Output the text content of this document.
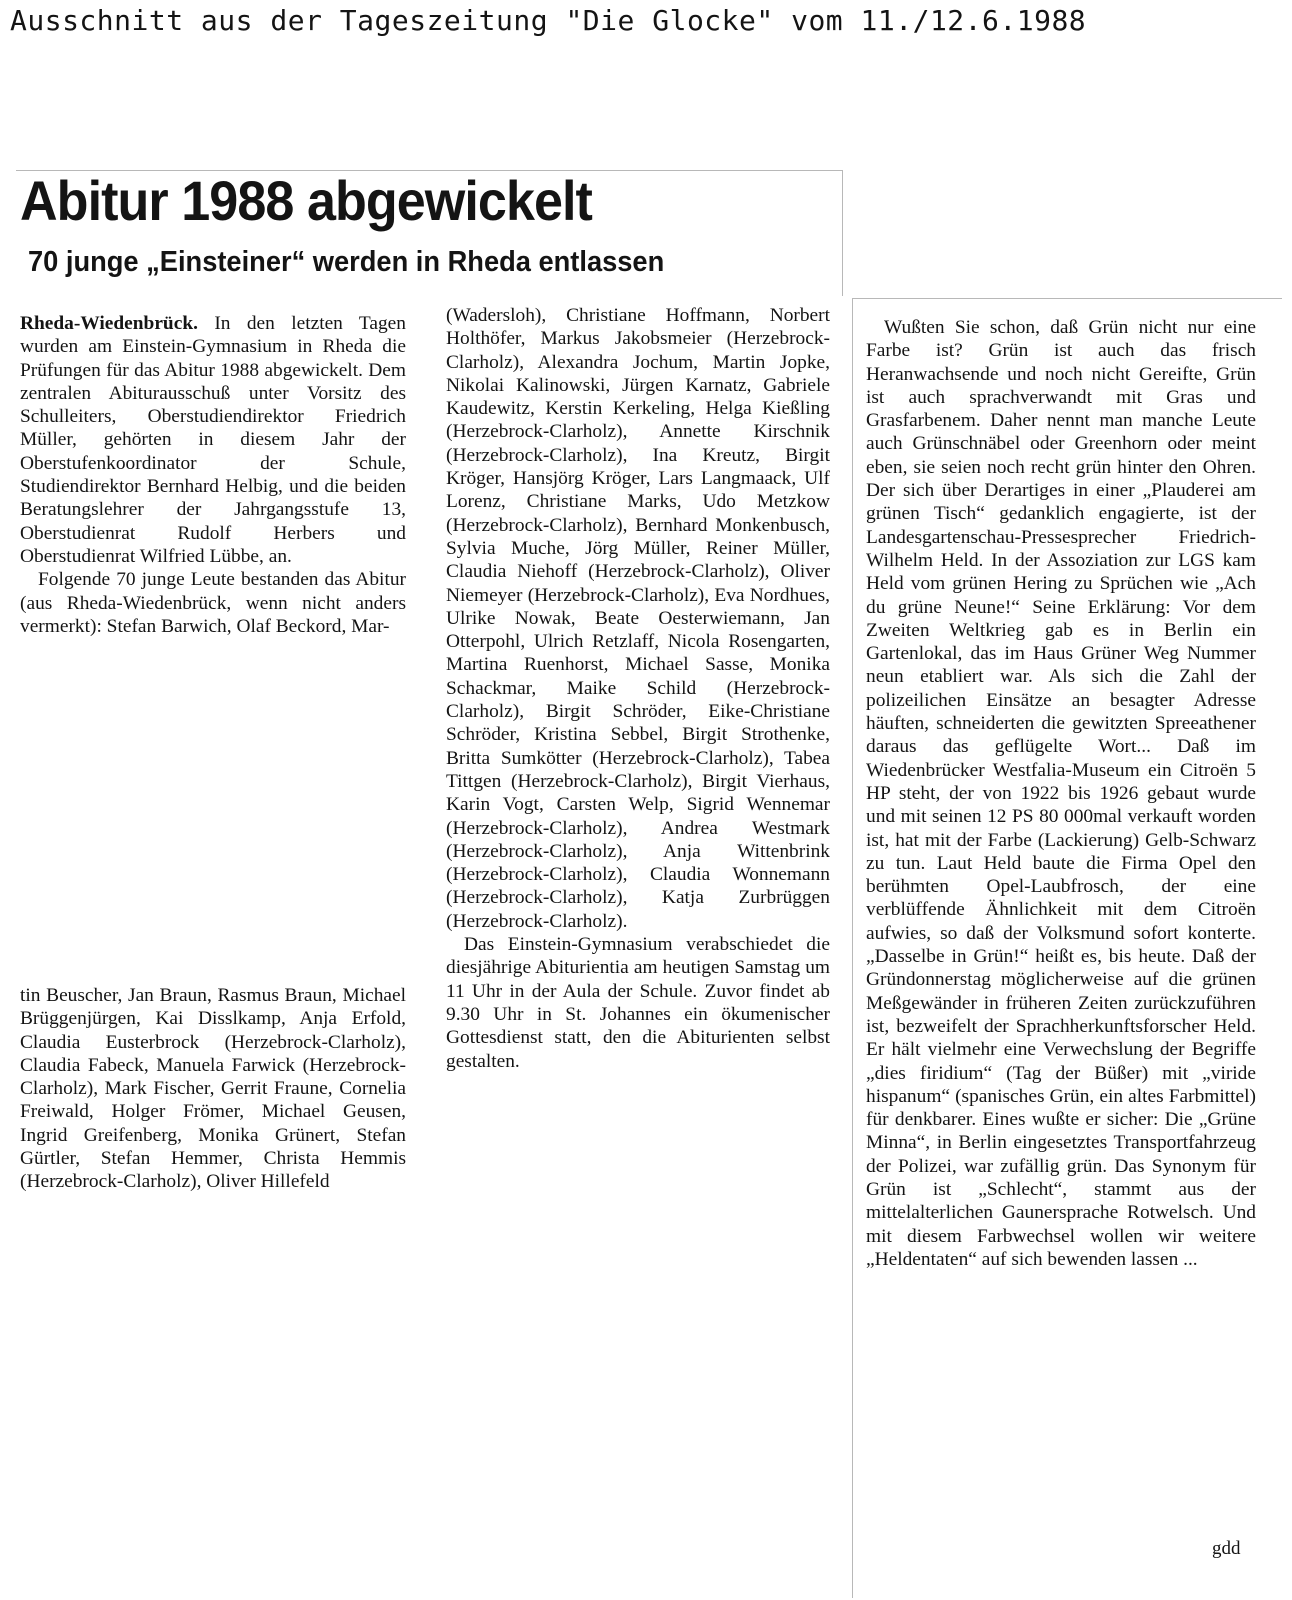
Ausschnitt aus der Tageszeitung "Die Glocke" vom 11./12.6.1988
Abitur 1988 abgewickelt
70 junge „Einsteiner“ werden in Rheda entlassen

Rheda-Wiedenbrück. In den letzten Tagen wurden am Einstein-Gymnasium in Rheda die Prüfungen für das Abitur 1988 abgewickelt. Dem zentralen Abiturausschuß unter Vorsitz des Schulleiters, Oberstudiendirektor Friedrich Müller, gehörten in diesem Jahr der Oberstufenkoordinator der Schule, Studiendirektor Bernhard Helbig, und die beiden Beratungslehrer der Jahrgangsstufe 13, Oberstudienrat Rudolf Herbers und Oberstudienrat Wilfried Lübbe, an.

Folgende 70 junge Leute bestanden das Abitur (aus Rheda-Wiedenbrück, wenn nicht anders vermerkt): Stefan Barwich, Olaf Beckord, Mar-

tin Beuscher, Jan Braun, Rasmus Braun, Michael Brüggenjürgen, Kai Disslkamp, Anja Erfold, Claudia Eusterbrock (Herzebrock-Clarholz), Claudia Fabeck, Manuela Farwick (Herzebrock-Clarholz), Mark Fischer, Gerrit Fraune, Cornelia Freiwald, Holger Frömer, Michael Geusen, Ingrid Greifenberg, Monika Grünert, Stefan Gürtler, Stefan Hemmer, Christa Hemmis (Herzebrock-Clarholz), Oliver Hillefeld

(Wadersloh), Christiane Hoffmann, Norbert Holthöfer, Markus Jakobsmeier (Herzebrock-Clarholz), Alexandra Jochum, Martin Jopke, Nikolai Kalinowski, Jürgen Karnatz, Gabriele Kaudewitz, Kerstin Kerkeling, Helga Kießling (Herzebrock-Clarholz), Annette Kirschnik (Herzebrock-Clarholz), Ina Kreutz, Birgit Kröger, Hansjörg Kröger, Lars Langmaack, Ulf Lorenz, Christiane Marks, Udo Metzkow (Herzebrock-Clarholz), Bernhard Monkenbusch, Sylvia Muche, Jörg Müller, Reiner Müller, Claudia Niehoff (Herzebrock-Clarholz), Oliver Niemeyer (Herzebrock-Clarholz), Eva Nordhues, Ulrike Nowak, Beate Oesterwiemann, Jan Otterpohl, Ulrich Retzlaff, Nicola Rosengarten, Martina Ruenhorst, Michael Sasse, Monika Schackmar, Maike Schild (Herzebrock-Clarholz), Birgit Schröder, Eike-Christiane Schröder, Kristina Sebbel, Birgit Strothenke, Britta Sumkötter (Herzebrock-Clarholz), Tabea Tittgen (Herzebrock-Clarholz), Birgit Vierhaus, Karin Vogt, Carsten Welp, Sigrid Wennemar (Herzebrock-Clarholz), Andrea Westmark (Herzebrock-Clarholz), Anja Wittenbrink (Herzebrock-Clarholz), Claudia Wonnemann (Herzebrock-Clarholz), Katja Zurbrüggen (Herzebrock-Clarholz).

Das Einstein-Gymnasium verabschiedet die diesjährige Abiturientia am heutigen Samstag um 11 Uhr in der Aula der Schule. Zuvor findet ab 9.30 Uhr in St. Johannes ein ökumenischer Gottesdienst statt, den die Abiturienten selbst gestalten.

Wußten Sie schon, daß Grün nicht nur eine Farbe ist? Grün ist auch das frisch Heranwachsende und noch nicht Gereifte, Grün ist auch sprachverwandt mit Gras und Grasfarbenem. Daher nennt man manche Leute auch Grünschnäbel oder Greenhorn oder meint eben, sie seien noch recht grün hinter den Ohren. Der sich über Derartiges in einer „Plauderei am grünen Tisch“ gedanklich engagierte, ist der Landesgartenschau-Pressesprecher Friedrich-Wilhelm Held. In der Assoziation zur LGS kam Held vom grünen Hering zu Sprüchen wie „Ach du grüne Neune!“ Seine Erklärung: Vor dem Zweiten Weltkrieg gab es in Berlin ein Gartenlokal, das im Haus Grüner Weg Nummer neun etabliert war. Als sich die Zahl der polizeilichen Einsätze an besagter Adresse häuften, schneiderten die gewitzten Spreeathener daraus das geflügelte Wort... Daß im Wiedenbrücker Westfalia-Museum ein Citroën 5 HP steht, der von 1922 bis 1926 gebaut wurde und mit seinen 12 PS 80 000mal verkauft worden ist, hat mit der Farbe (Lackierung) Gelb-Schwarz zu tun. Laut Held baute die Firma Opel den berühmten Opel-Laubfrosch, der eine verblüffende Ähnlichkeit mit dem Citroën aufwies, so daß der Volksmund sofort konterte. „Dasselbe in Grün!“ heißt es, bis heute. Daß der Gründonnerstag möglicherweise auf die grünen Meßgewänder in früheren Zeiten zurückzuführen ist, bezweifelt der Sprachherkunftsforscher Held. Er hält vielmehr eine Verwechslung der Begriffe „dies firidium“ (Tag der Büßer) mit „viride hispanum“ (spanisches Grün, ein altes Farbmittel) für denkbarer. Eines wußte er sicher: Die „Grüne Minna“, in Berlin eingesetztes Transportfahrzeug der Polizei, war zufällig grün. Das Synonym für Grün ist „Schlecht“, stammt aus der mittelalterlichen Gaunersprache Rotwelsch. Und mit diesem Farbwechsel wollen wir weitere „Heldentaten“ auf sich bewenden lassen ...

gdd
